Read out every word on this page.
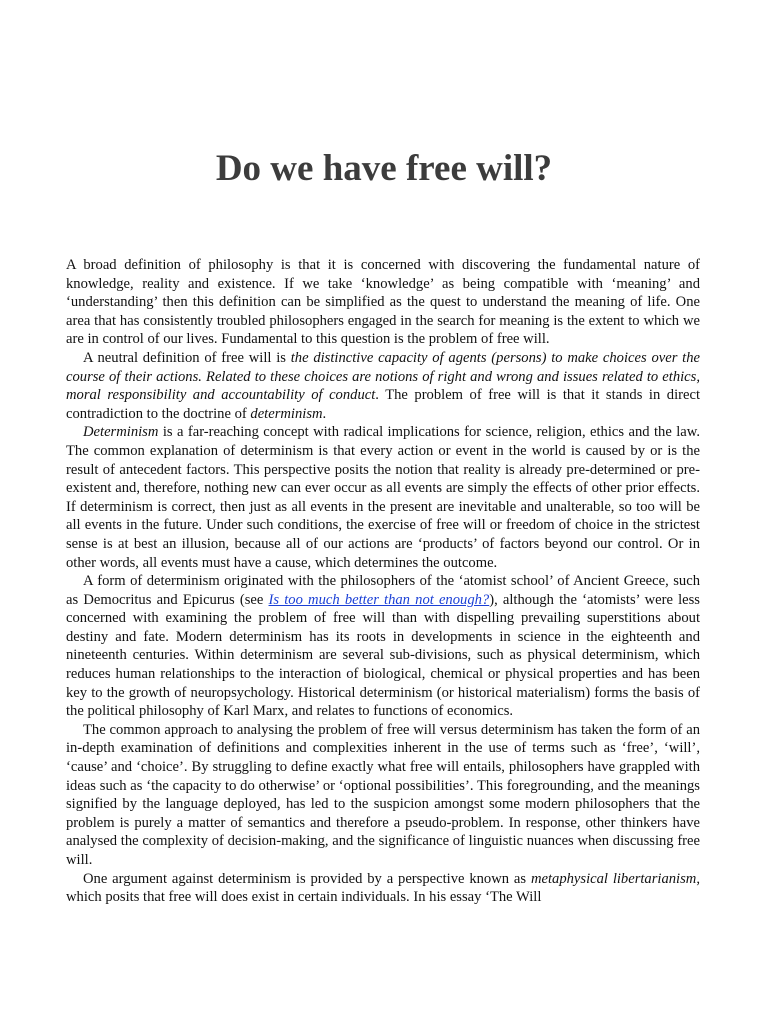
Do we have free will?

A broad definition of philosophy is that it is concerned with discovering the fundamental nature of knowledge, reality and existence. If we take ‘knowledge’ as being compatible with ‘meaning’ and ‘understanding’ then this definition can be simplified as the quest to understand the meaning of life. One area that has consistently troubled philosophers engaged in the search for meaning is the extent to which we are in control of our lives. Fundamental to this question is the problem of free will.

A neutral definition of free will is the distinctive capacity of agents (persons) to make choices over the course of their actions. Related to these choices are notions of right and wrong and issues related to ethics, moral responsibility and accountability of conduct. The problem of free will is that it stands in direct contradiction to the doctrine of determinism.

Determinism is a far-reaching concept with radical implications for science, religion, ethics and the law. The common explanation of determinism is that every action or event in the world is caused by or is the result of antecedent factors. This perspective posits the notion that reality is already pre-determined or pre-existent and, therefore, nothing new can ever occur as all events are simply the effects of other prior effects. If determinism is correct, then just as all events in the present are inevitable and unalterable, so too will be all events in the future. Under such conditions, the exercise of free will or freedom of choice in the strictest sense is at best an illusion, because all of our actions are ‘products’ of factors beyond our control. Or in other words, all events must have a cause, which determines the outcome.

A form of determinism originated with the philosophers of the ‘atomist school’ of Ancient Greece, such as Democritus and Epicurus (see Is too much better than not enough?), although the ‘atomists’ were less concerned with examining the problem of free will than with dispelling prevailing superstitions about destiny and fate. Modern determinism has its roots in developments in science in the eighteenth and nineteenth centuries. Within determinism are several sub-divisions, such as physical determinism, which reduces human relationships to the interaction of biological, chemical or physical properties and has been key to the growth of neuropsychology. Historical determinism (or historical materialism) forms the basis of the political philosophy of Karl Marx, and relates to functions of economics.

The common approach to analysing the problem of free will versus determinism has taken the form of an in-depth examination of definitions and complexities inherent in the use of terms such as ‘free’, ‘will’, ‘cause’ and ‘choice’. By struggling to define exactly what free will entails, philosophers have grappled with ideas such as ‘the capacity to do otherwise’ or ‘optional possibilities’. This foregrounding, and the meanings signified by the language deployed, has led to the suspicion amongst some modern philosophers that the problem is purely a matter of semantics and therefore a pseudo-problem. In response, other thinkers have analysed the complexity of decision-making, and the significance of linguistic nuances when discussing free will.

One argument against determinism is provided by a perspective known as metaphysical libertarianism, which posits that free will does exist in certain individuals. In his essay ‘The Will
